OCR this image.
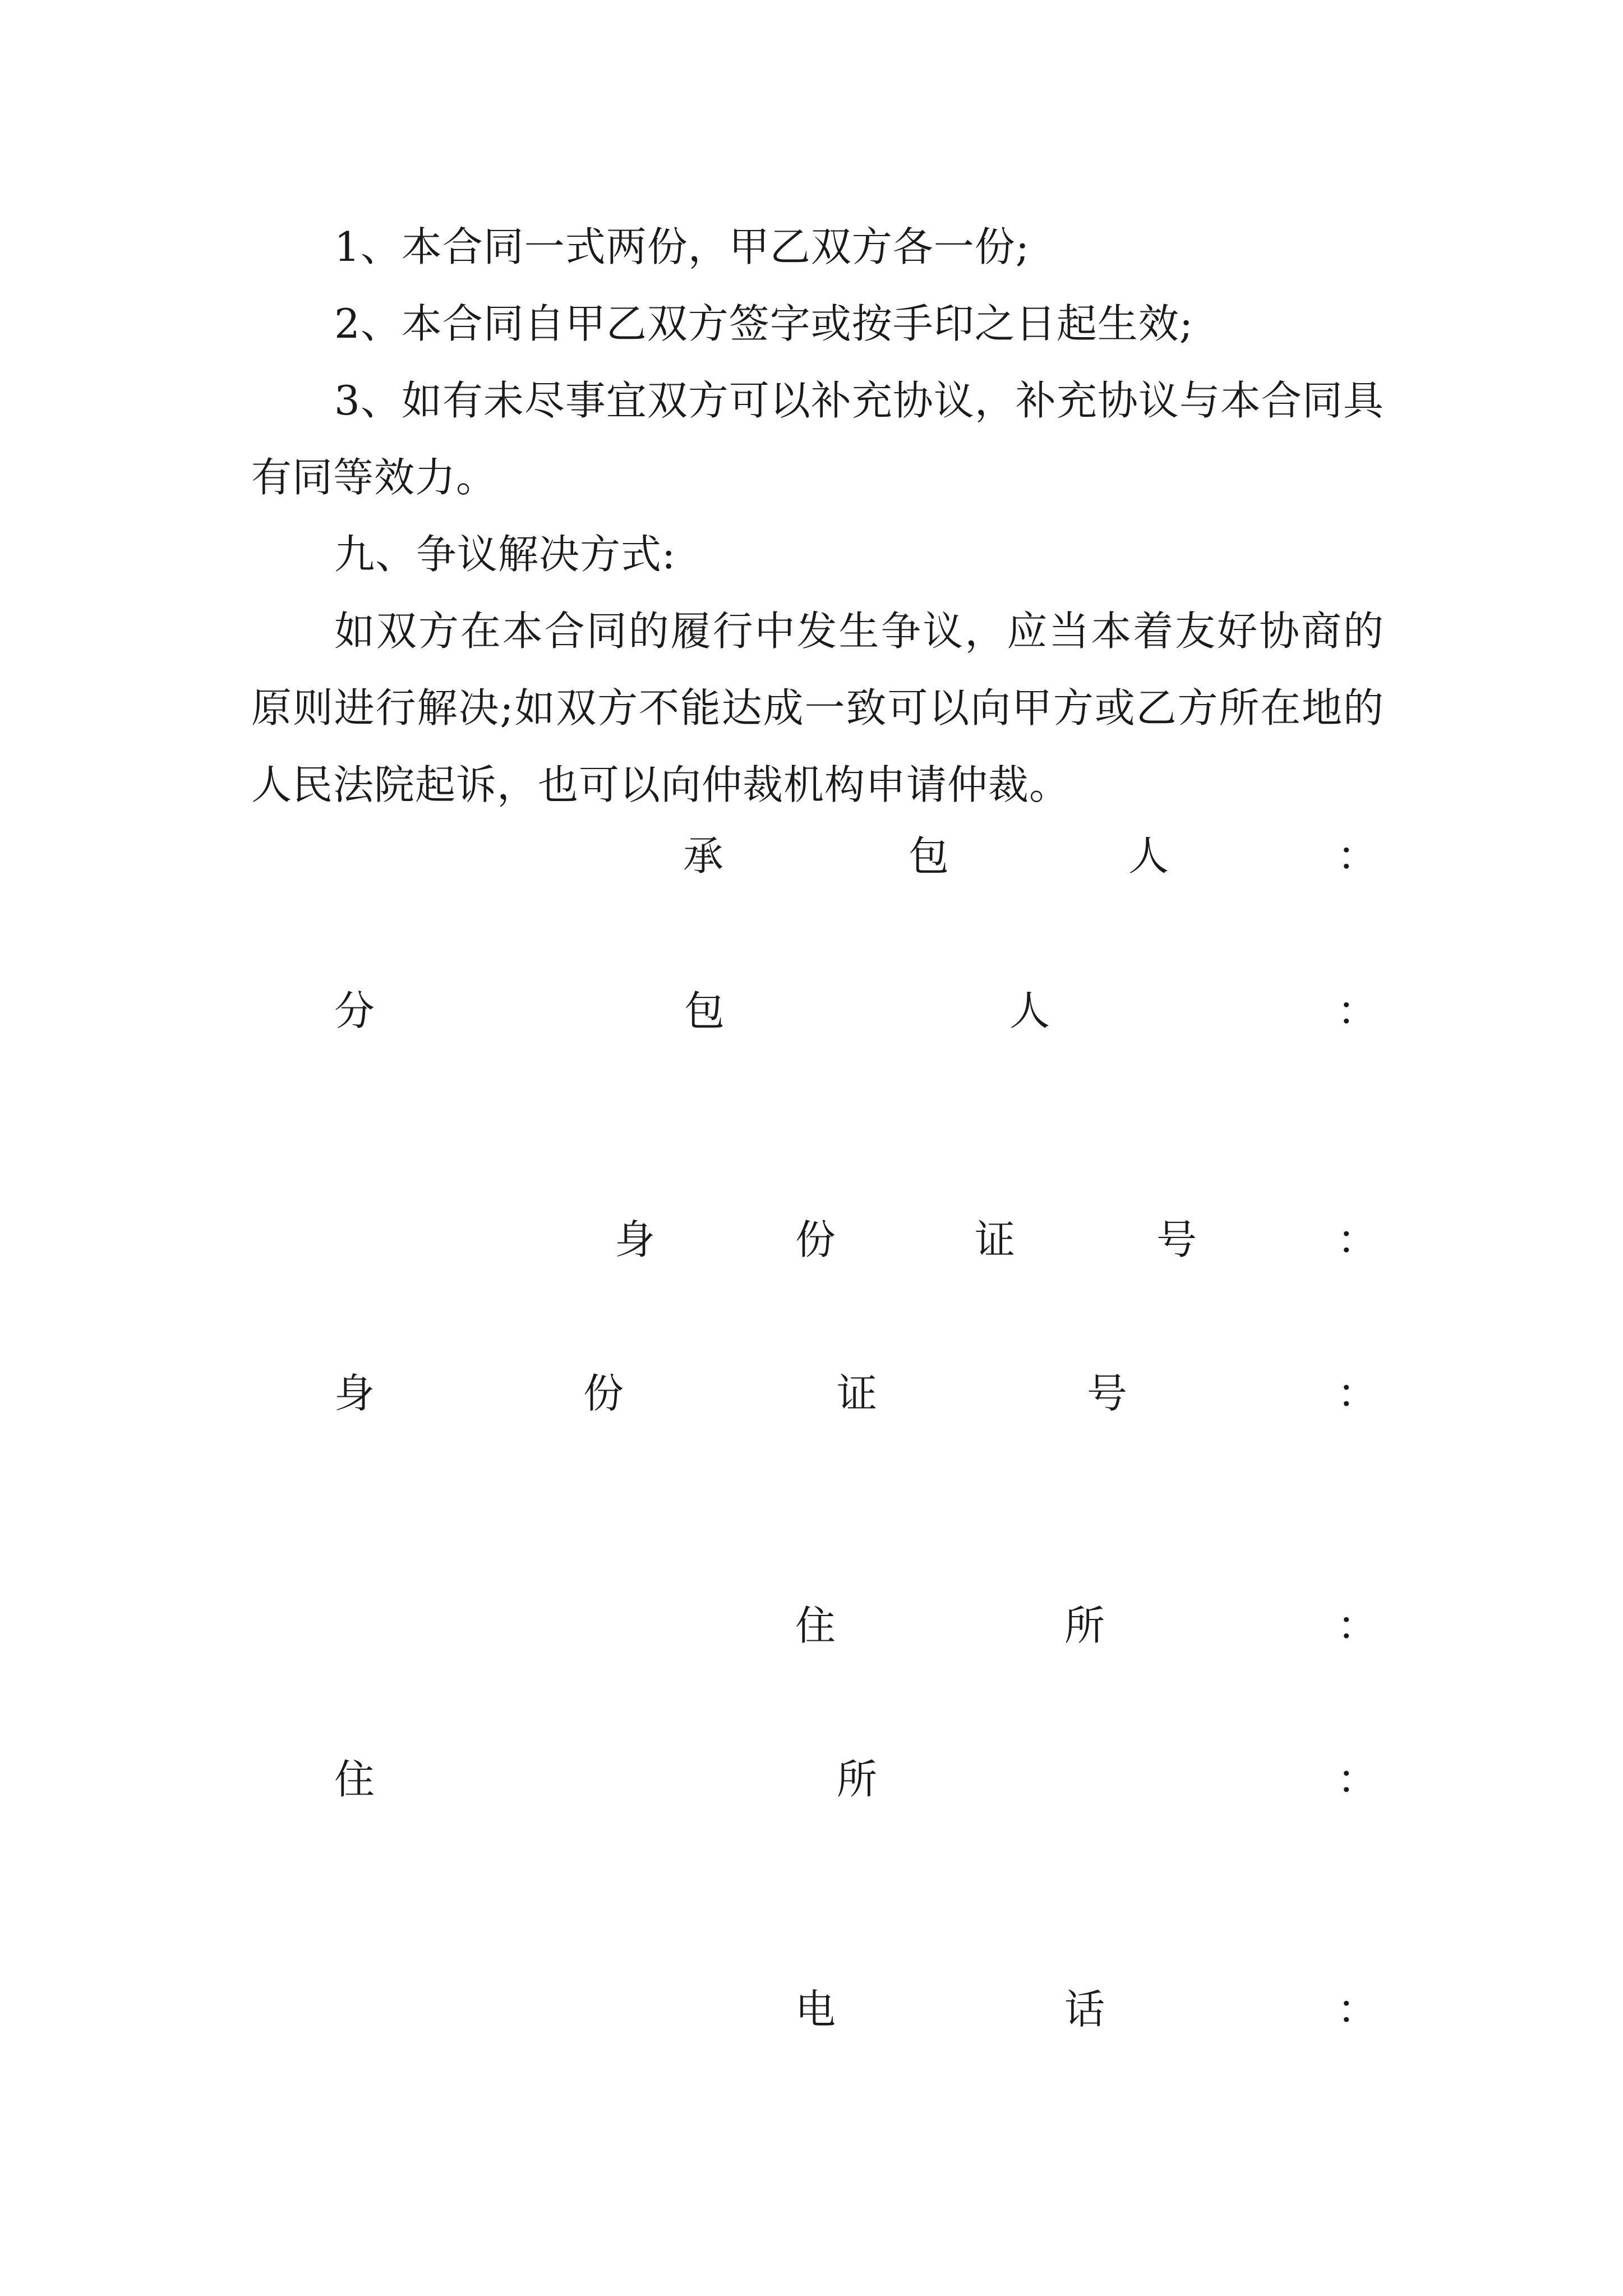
1、本合同一式两份，甲乙双方各一份;

2、本合同自甲乙双方签字或按手印之日起生效;

3、如有未尽事宜双方可以补充协议，补充协议与本合同具有同等效力。

九、争议解决方式:

如双方在本合同的履行中发生争议，应当本着友好协商的原则进行解决;如双方不能达成一致可以向甲方或乙方所在地的人民法院起诉，也可以向仲裁机构申请仲裁。

承	包	人	：
分	包	人	：
身	份	证	号	：
身	份	证	号	：
住	所	：
住	所	：
电	话	：
